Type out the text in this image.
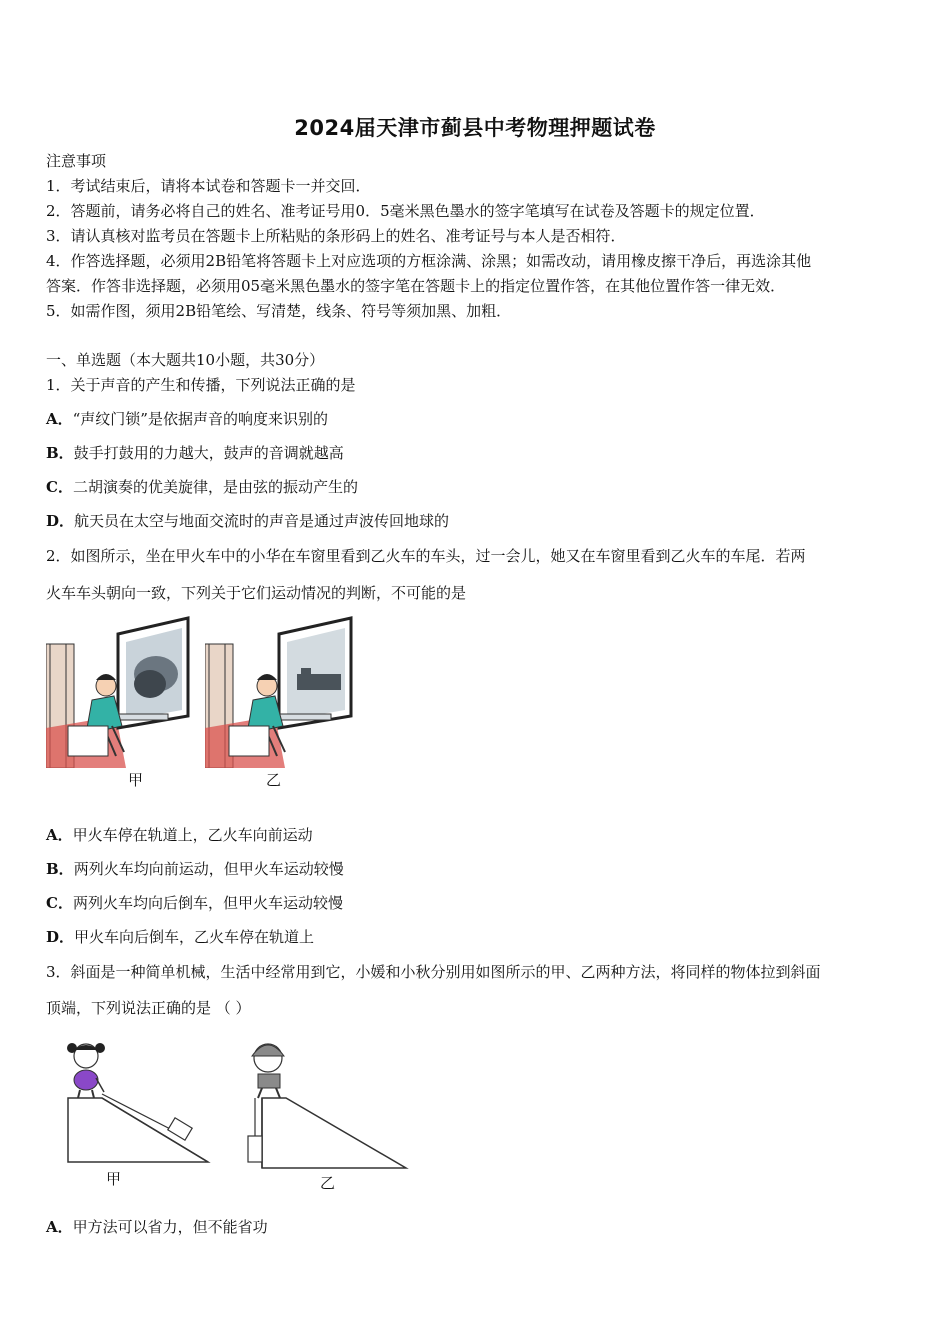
2024届天津市蓟县中考物理押题试卷
注意事项
1．考试结束后，请将本试卷和答题卡一并交回．
2．答题前，请务必将自己的姓名、准考证号用0．5毫米黑色墨水的签字笔填写在试卷及答题卡的规定位置．
3．请认真核对监考员在答题卡上所粘贴的条形码上的姓名、准考证号与本人是否相符．
4．作答选择题，必须用2B铅笔将答题卡上对应选项的方框涂满、涂黑；如需改动，请用橡皮擦干净后，再选涂其他
答案．作答非选择题，必须用05毫米黑色墨水的签字笔在答题卡上的指定位置作答，在其他位置作答一律无效．
5．如需作图，须用2B铅笔绘、写清楚，线条、符号等须加黑、加粗．
一、单选题（本大题共10小题，共30分）
1．关于声音的产生和传播，下列说法正确的是
A．“声纹门锁”是依据声音的响度来识别的
B．鼓手打鼓用的力越大，鼓声的音调就越高
C．二胡演奏的优美旋律，是由弦的振动产生的
D．航天员在太空与地面交流时的声音是通过声波传回地球的
2．如图所示，坐在甲火车中的小华在车窗里看到乙火车的车头，过一会儿，她又在车窗里看到乙火车的车尾．若两
火车车头朝向一致，下列关于它们运动情况的判断，不可能的是
甲	乙
A．甲火车停在轨道上，乙火车向前运动
B．两列火车均向前运动，但甲火车运动较慢
C．两列火车均向后倒车，但甲火车运动较慢
D．甲火车向后倒车，乙火车停在轨道上
3．斜面是一种简单机械，生活中经常用到它，小媛和小秋分别用如图所示的甲、乙两种方法，将同样的物体拉到斜面
顶端，下列说法正确的是 （ ）
甲	乙
A．甲方法可以省力，但不能省功
